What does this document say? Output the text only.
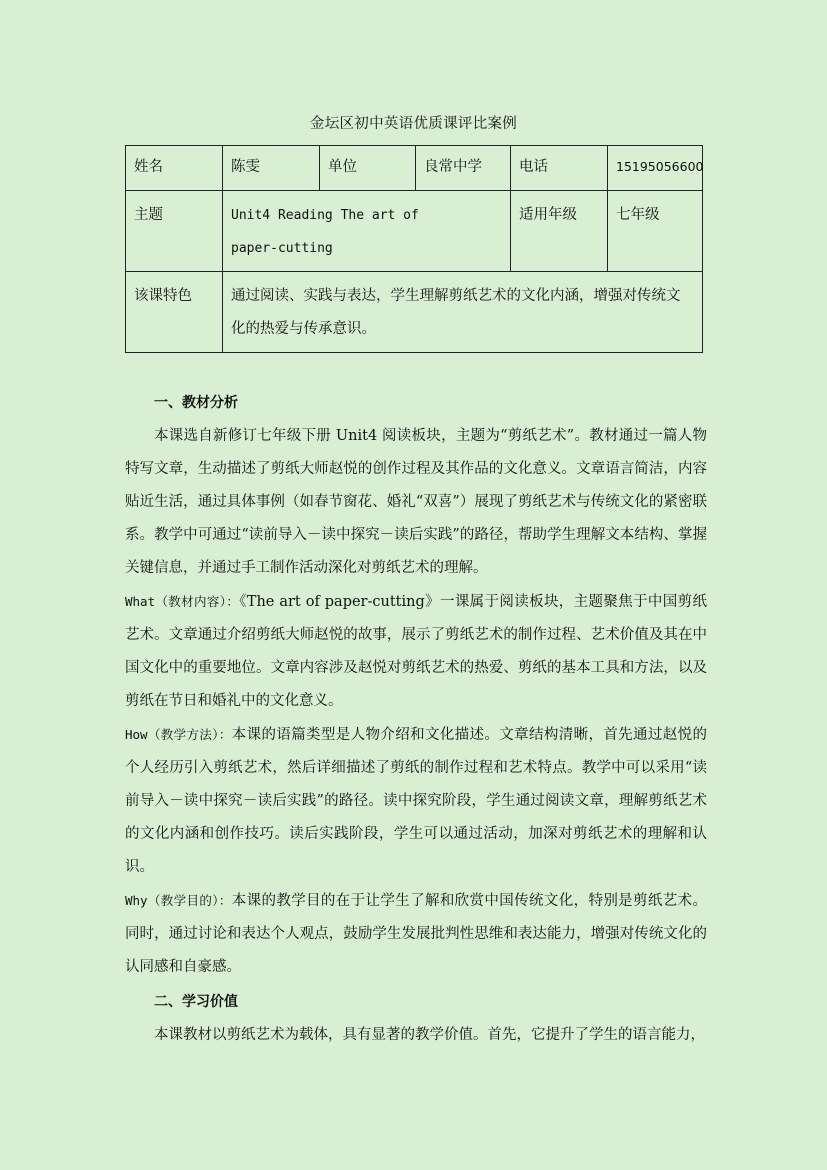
金坛区初中英语优质课评比案例
姓名	陈雯	单位	良常中学	电话	15195056600
主题	Unit4 Reading The art of paper-cutting			适用年级	七年级
该课特色	通过阅读、实践与表达，学生理解剪纸艺术的文化内涵，增强对传统文化的热爱与传承意识。				

一、教材分析

本课选自新修订七年级下册 Unit4 阅读板块，主题为“剪纸艺术”。教材通过一篇人物特写文章，生动描述了剪纸大师赵悦的创作过程及其作品的文化意义。文章语言简洁，内容贴近生活，通过具体事例（如春节窗花、婚礼“双喜”）展现了剪纸艺术与传统文化的紧密联系。教学中可通过“读前导入－读中探究－读后实践”的路径，帮助学生理解文本结构、掌握关键信息，并通过手工制作活动深化对剪纸艺术的理解。

What（教材内容）：《The art of paper-cutting》一课属于阅读板块，主题聚焦于中国剪纸艺术。文章通过介绍剪纸大师赵悦的故事，展示了剪纸艺术的制作过程、艺术价值及其在中国文化中的重要地位。文章内容涉及赵悦对剪纸艺术的热爱、剪纸的基本工具和方法，以及剪纸在节日和婚礼中的文化意义。

How（教学方法）：本课的语篇类型是人物介绍和文化描述。文章结构清晰，首先通过赵悦的个人经历引入剪纸艺术，然后详细描述了剪纸的制作过程和艺术特点。教学中可以采用“读前导入－读中探究－读后实践”的路径。读中探究阶段，学生通过阅读文章，理解剪纸艺术的文化内涵和创作技巧。读后实践阶段，学生可以通过活动，加深对剪纸艺术的理解和认识。

Why（教学目的）：本课的教学目的在于让学生了解和欣赏中国传统文化，特别是剪纸艺术。同时，通过讨论和表达个人观点，鼓励学生发展批判性思维和表达能力，增强对传统文化的认同感和自豪感。

二、学习价值

本课教材以剪纸艺术为载体，具有显著的教学价值。首先，它提升了学生的语言能力，
